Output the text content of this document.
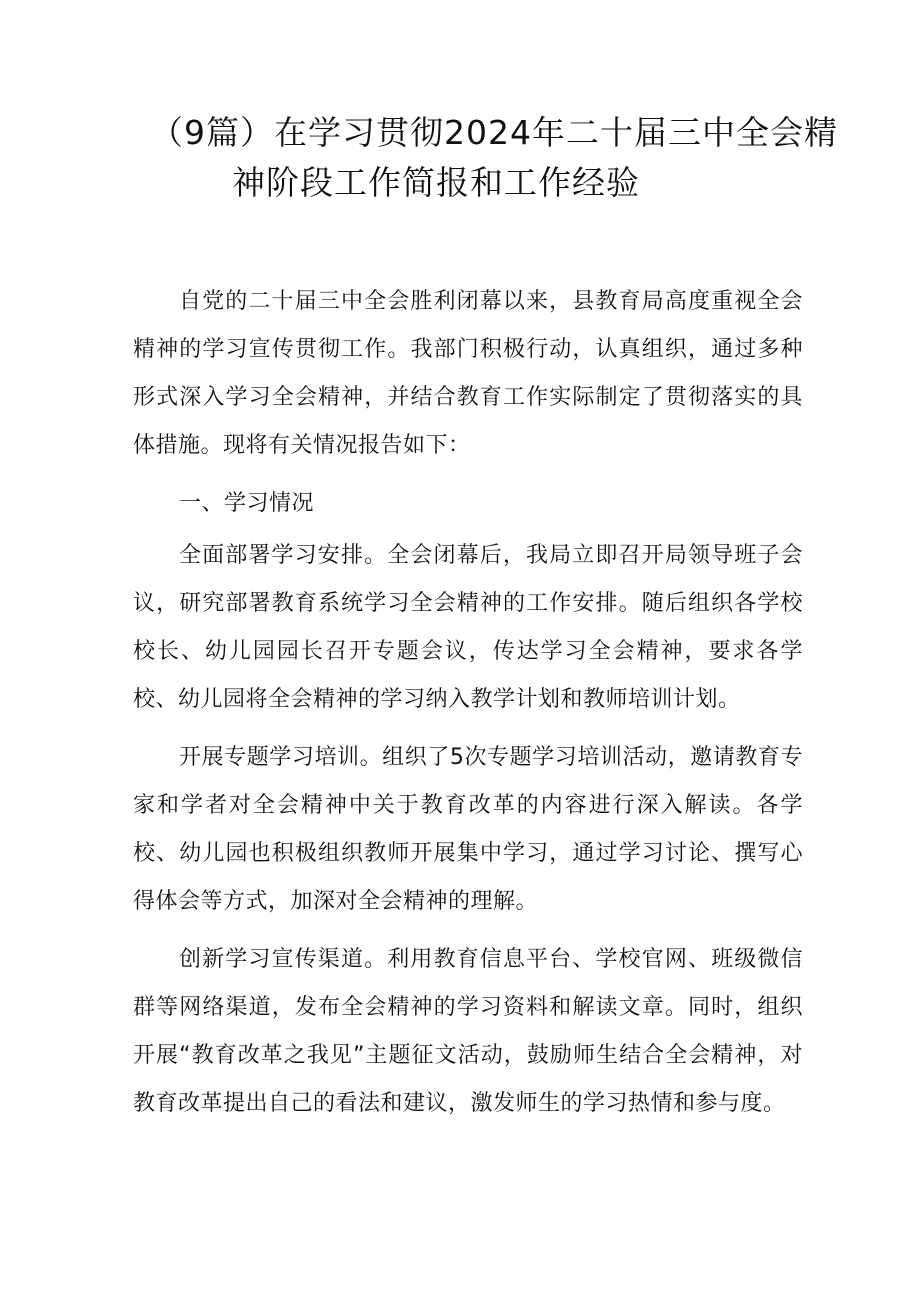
（9篇）在学习贯彻2024年二十届三中全会精
神阶段工作简报和工作经验

自党的二十届三中全会胜利闭幕以来，县教育局高度重视全会精神的学习宣传贯彻工作。我部门积极行动，认真组织，通过多种形式深入学习全会精神，并结合教育工作实际制定了贯彻落实的具体措施。现将有关情况报告如下：

一、学习情况

全面部署学习安排。全会闭幕后，我局立即召开局领导班子会议，研究部署教育系统学习全会精神的工作安排。随后组织各学校校长、幼儿园园长召开专题会议，传达学习全会精神，要求各学校、幼儿园将全会精神的学习纳入教学计划和教师培训计划。

开展专题学习培训。组织了5次专题学习培训活动，邀请教育专家和学者对全会精神中关于教育改革的内容进行深入解读。各学校、幼儿园也积极组织教师开展集中学习，通过学习讨论、撰写心得体会等方式，加深对全会精神的理解。

创新学习宣传渠道。利用教育信息平台、学校官网、班级微信群等网络渠道，发布全会精神的学习资料和解读文章。同时，组织开展“教育改革之我见”主题征文活动，鼓励师生结合全会精神，对教育改革提出自己的看法和建议，激发师生的学习热情和参与度。
